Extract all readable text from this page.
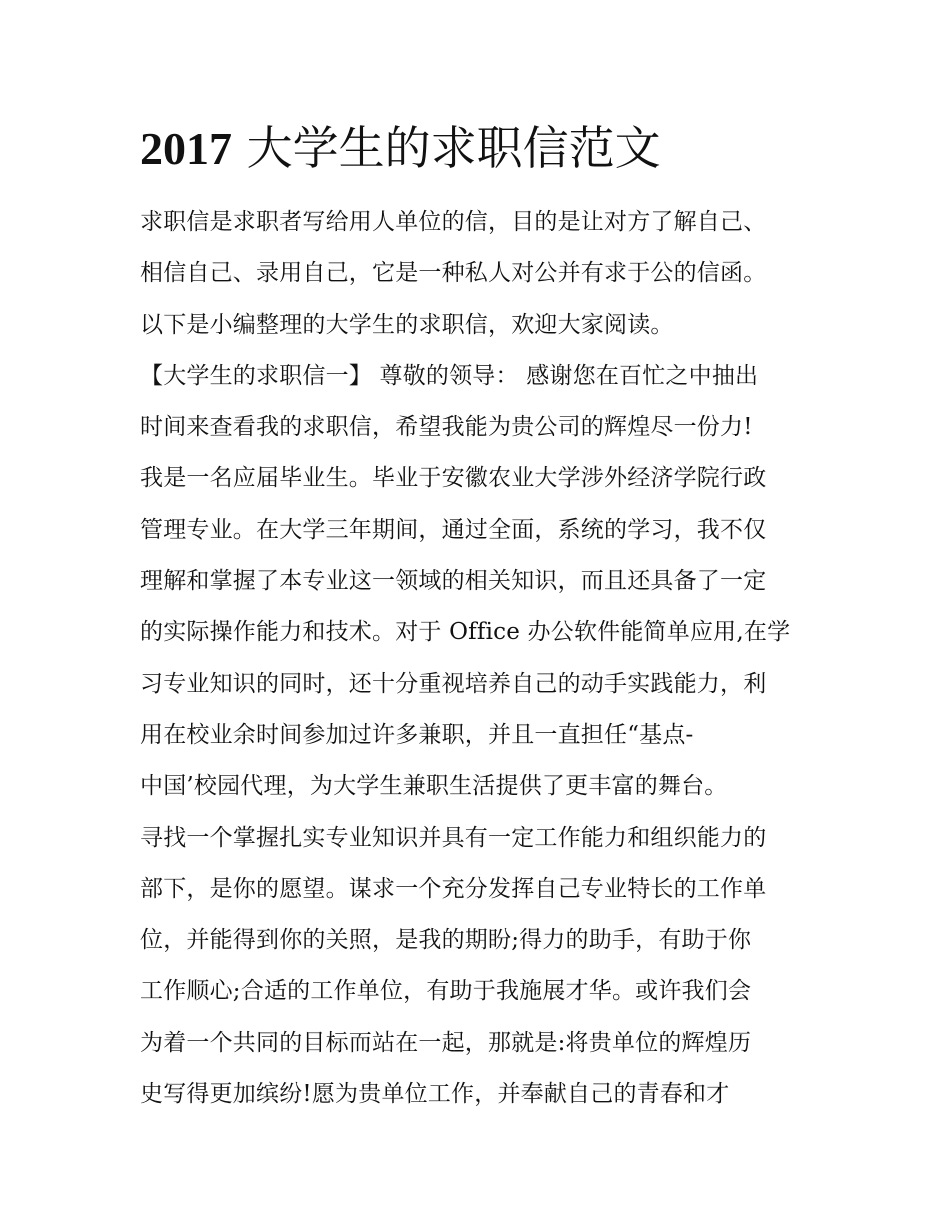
2017 大学生的求职信范文
求职信是求职者写给用人单位的信，目的是让对方了解自己、
相信自己、录用自己，它是一种私人对公并有求于公的信函。
以下是小编整理的大学生的求职信，欢迎大家阅读。
【大学生的求职信一】 尊敬的领导： 感谢您在百忙之中抽出
时间来查看我的求职信，希望我能为贵公司的辉煌尽一份力!
我是一名应届毕业生。毕业于安徽农业大学涉外经济学院行政
管理专业。在大学三年期间，通过全面，系统的学习，我不仅
理解和掌握了本专业这一领域的相关知识，而且还具备了一定
的实际操作能力和技术。对于 Office 办公软件能简单应用,在学
习专业知识的同时，还十分重视培养自己的动手实践能力，利
用在校业余时间参加过许多兼职，并且一直担任“基点-
中国’校园代理，为大学生兼职生活提供了更丰富的舞台。
寻找一个掌握扎实专业知识并具有一定工作能力和组织能力的
部下，是你的愿望。谋求一个充分发挥自己专业特长的工作单
位，并能得到你的关照，是我的期盼;得力的助手，有助于你
工作顺心;合适的工作单位，有助于我施展才华。或许我们会
为着一个共同的目标而站在一起，那就是:将贵单位的辉煌历
史写得更加缤纷!愿为贵单位工作，并奉献自己的青春和才
